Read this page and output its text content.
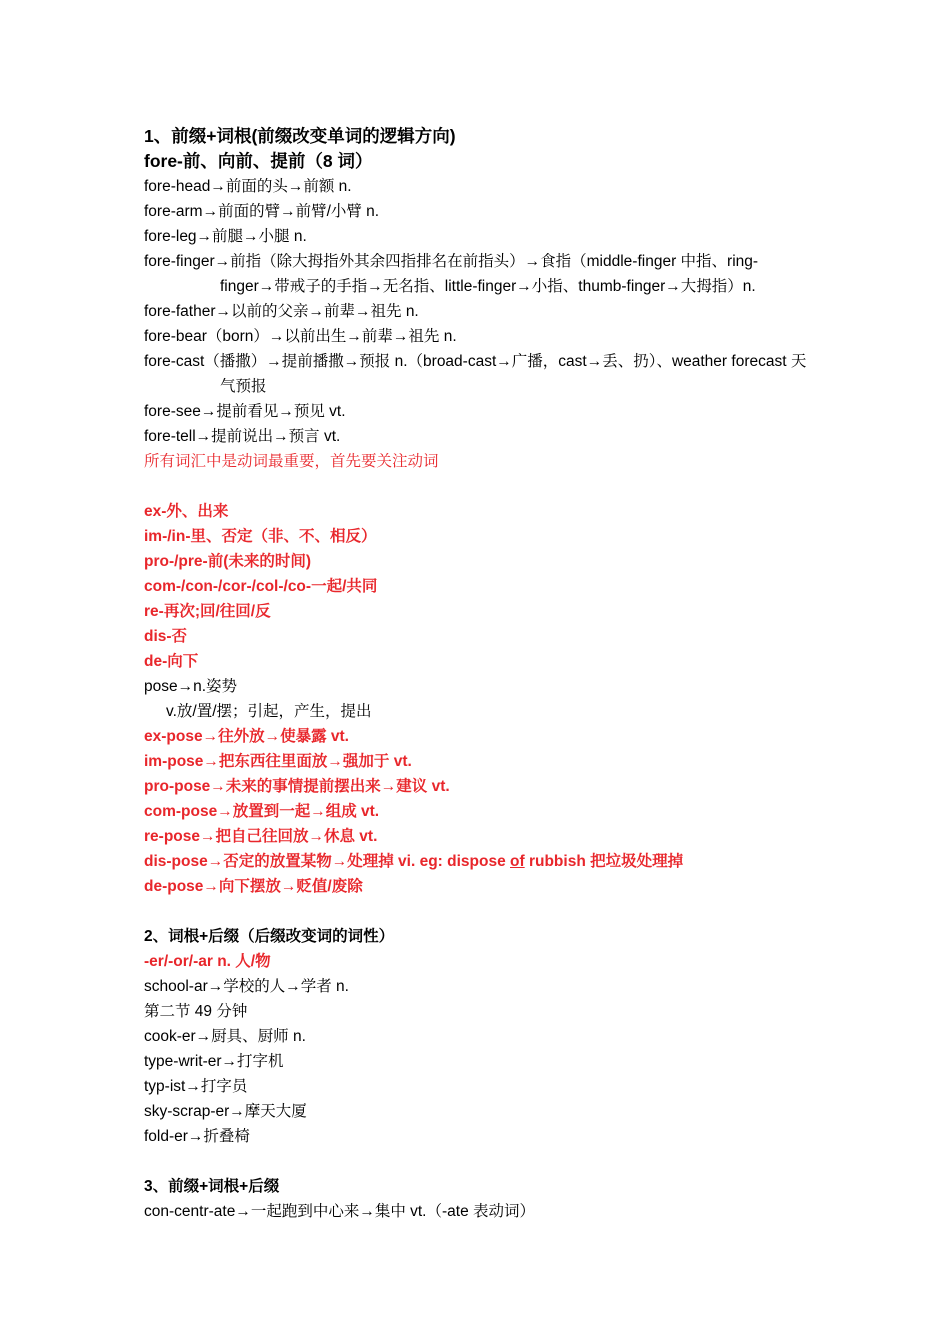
1、前缀+词根(前缀改变单词的逻辑方向)
fore-前、向前、提前（8 词）
fore-head→前面的头→前额 n.
fore-arm→前面的臂→前臂/小臂 n.
fore-leg→前腿→小腿 n.
fore-finger→前指（除大拇指外其余四指排名在前指头）→食指（middle-finger 中指、ring-
finger→带戒子的手指→无名指、little-finger→小指、thumb-finger→大拇指）n.
fore-father→以前的父亲→前辈→祖先 n.
fore-bear（born）→以前出生→前辈→祖先 n.
fore-cast（播撒）→提前播撒→预报 n.（broad-cast→广播，cast→丢、扔）、weather forecast 天
气预报
fore-see→提前看见→预见 vt.
fore-tell→提前说出→预言 vt.
所有词汇中是动词最重要，首先要关注动词
ex-外、出来
im-/in-里、否定（非、不、相反）
pro-/pre-前(未来的时间)
com-/con-/cor-/col-/co-一起/共同
re-再次;回/往回/反
dis-否
de-向下
pose→n.姿势
v.放/置/摆；引起，产生，提出
ex-pose→往外放→使暴露 vt.
im-pose→把东西往里面放→强加于 vt.
pro-pose→未来的事情提前摆出来→建议 vt.
com-pose→放置到一起→组成 vt.
re-pose→把自己往回放→休息 vt.
dis-pose→否定的放置某物→处理掉 vi. eg: dispose of rubbish 把垃圾处理掉
de-pose→向下摆放→贬值/废除
2、词根+后缀（后缀改变词的词性）
-er/-or/-ar n. 人/物
school-ar→学校的人→学者 n.
第二节 49 分钟
cook-er→厨具、厨师 n.
type-writ-er→打字机
typ-ist→打字员
sky-scrap-er→摩天大厦
fold-er→折叠椅
3、前缀+词根+后缀
con-centr-ate→一起跑到中心来→集中 vt.（-ate 表动词）
